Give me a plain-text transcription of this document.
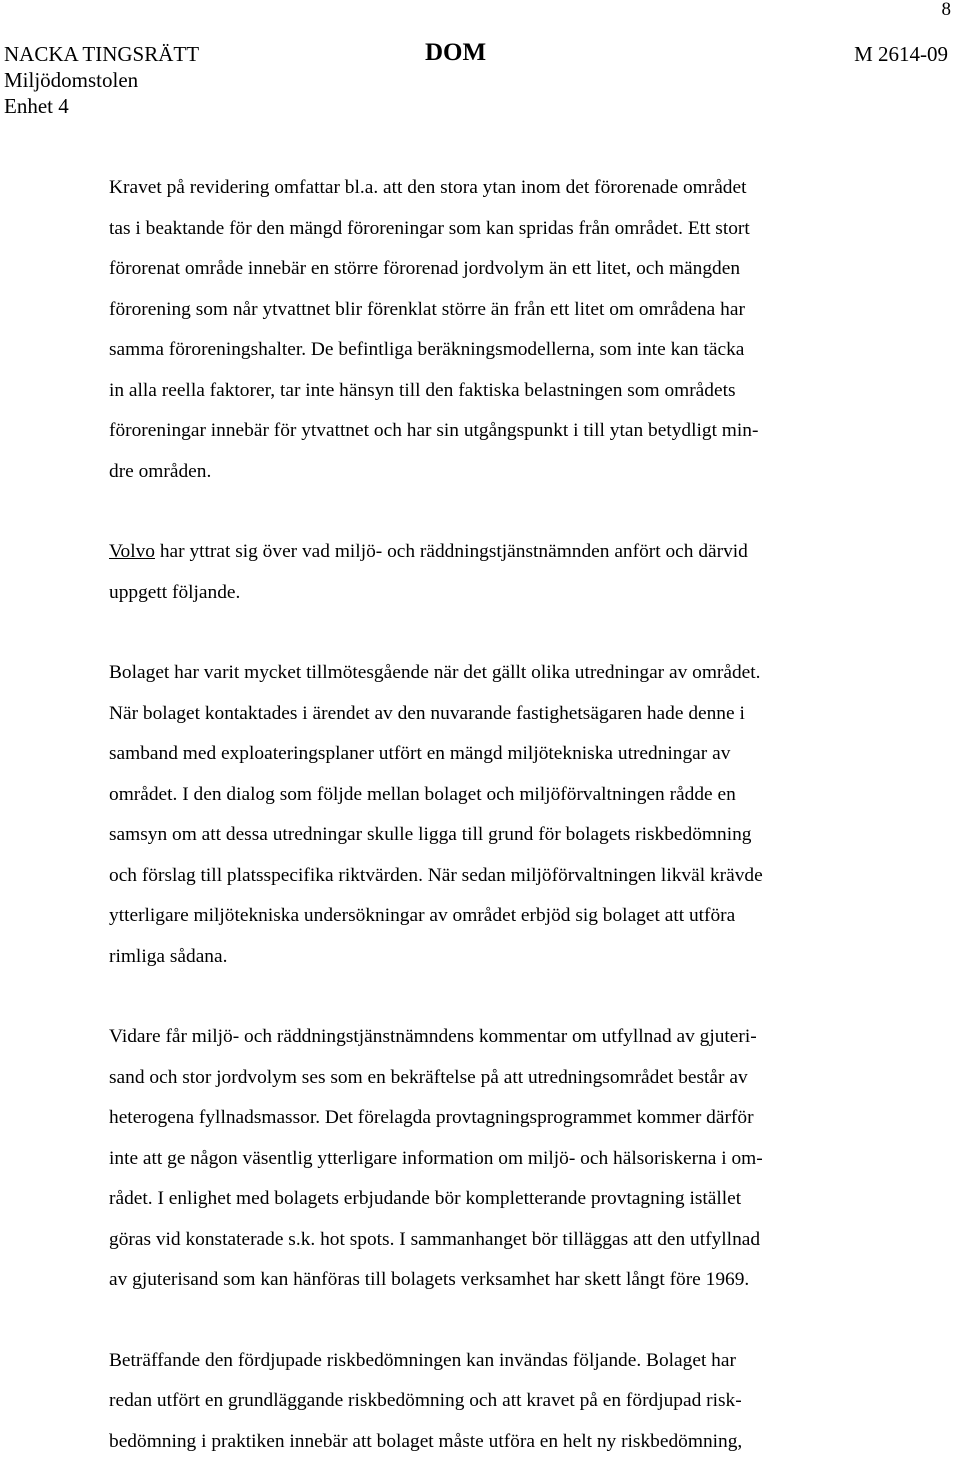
8
NACKA TINGSRÄTT	DOM	M 2614-09
Miljödomstolen
Enhet 4

Kravet på revidering omfattar bl.a. att den stora ytan inom det förorenade området
tas i beaktande för den mängd föroreningar som kan spridas från området. Ett stort
förorenat område innebär en större förorenad jordvolym än ett litet, och mängden
förorening som når ytvattnet blir förenklat större än från ett litet om områdena har
samma föroreningshalter. De befintliga beräkningsmodellerna, som inte kan täcka
in alla reella faktorer, tar inte hänsyn till den faktiska belastningen som områdets
föroreningar innebär för ytvattnet och har sin utgångspunkt i till ytan betydligt min-
dre områden.

Volvo har yttrat sig över vad miljö- och räddningstjänstnämnden anfört och därvid
uppgett följande.

Bolaget har varit mycket tillmötesgående när det gällt olika utredningar av området.
När bolaget kontaktades i ärendet av den nuvarande fastighetsägaren hade denne i
samband med exploateringsplaner utfört en mängd miljötekniska utredningar av
området. I den dialog som följde mellan bolaget och miljöförvaltningen rådde en
samsyn om att dessa utredningar skulle ligga till grund för bolagets riskbedömning
och förslag till platsspecifika riktvärden. När sedan miljöförvaltningen likväl krävde
ytterligare miljötekniska undersökningar av området erbjöd sig bolaget att utföra
rimliga sådana.

Vidare får miljö- och räddningstjänstnämndens kommentar om utfyllnad av gjuteri-
sand och stor jordvolym ses som en bekräftelse på att utredningsområdet består av
heterogena fyllnadsmassor. Det förelagda provtagningsprogrammet kommer därför
inte att ge någon väsentlig ytterligare information om miljö- och hälsoriskerna i om-
rådet. I enlighet med bolagets erbjudande bör kompletterande provtagning istället
göras vid konstaterade s.k. hot spots. I sammanhanget bör tilläggas att den utfyllnad
av gjuterisand som kan hänföras till bolagets verksamhet har skett långt före 1969.

Beträffande den fördjupade riskbedömningen kan invändas följande. Bolaget har
redan utfört en grundläggande riskbedömning och att kravet på en fördjupad risk-
bedömning i praktiken innebär att bolaget måste utföra en helt ny riskbedömning,
